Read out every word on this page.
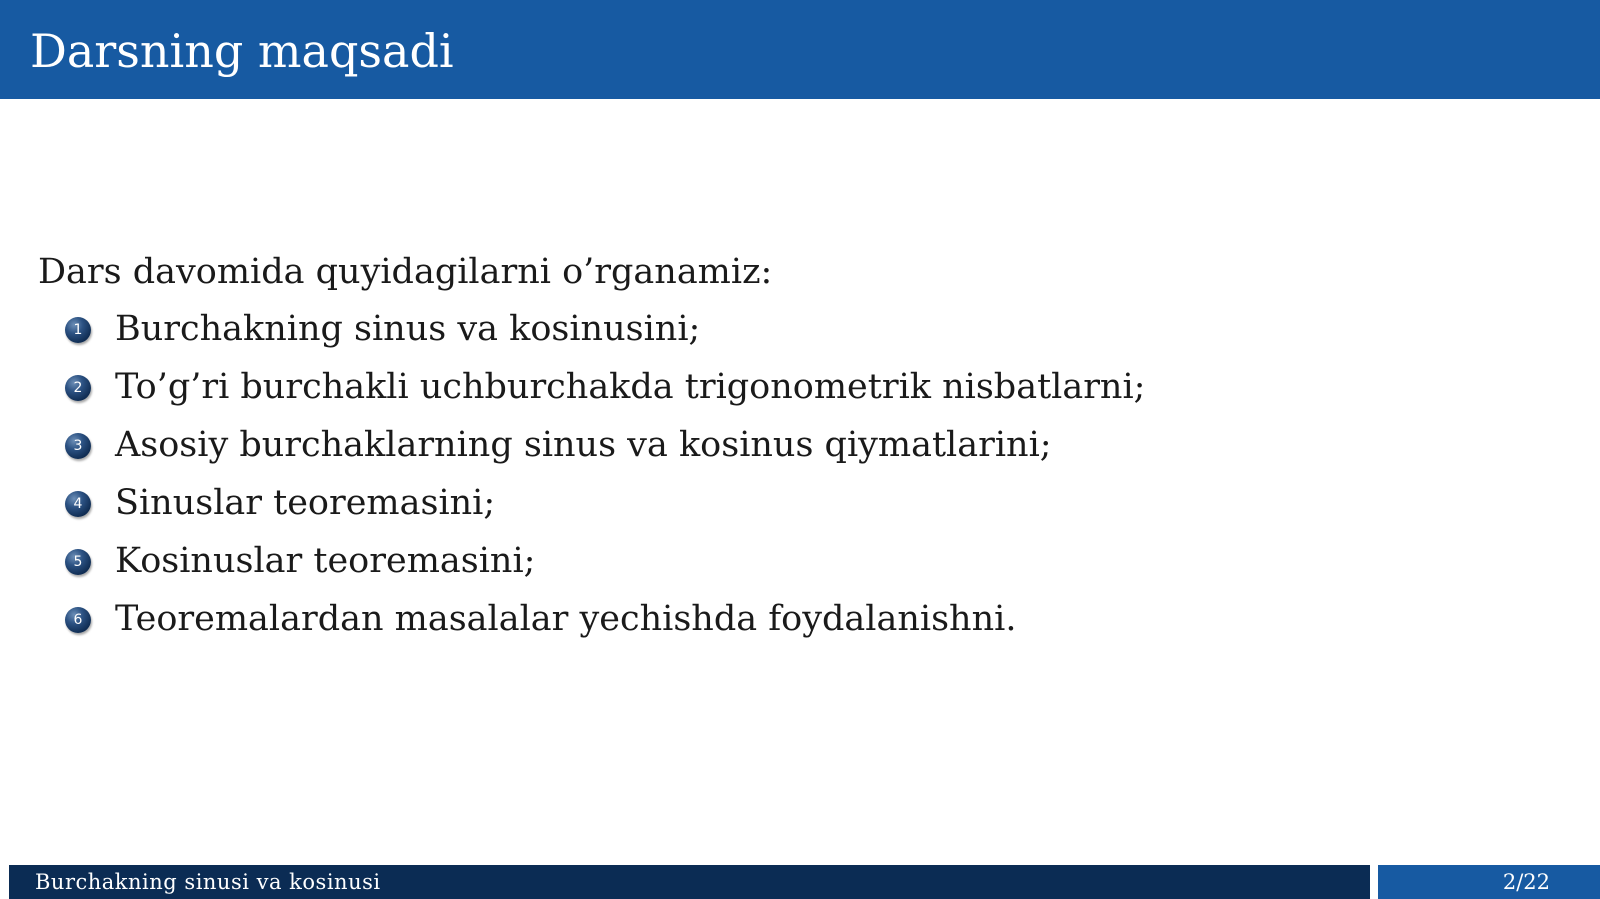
Darsning maqsadi
Dars davomida quyidagilarni o’rganamiz:
1 Burchakning sinus va kosinusini;
2 To’g’ri burchakli uchburchakda trigonometrik nisbatlarni;
3 Asosiy burchaklarning sinus va kosinus qiymatlarini;
4 Sinuslar teoremasini;
5 Kosinuslar teoremasini;
6 Teoremalardan masalalar yechishda foydalanishni.
Burchakning sinusi va kosinusi	2/22
